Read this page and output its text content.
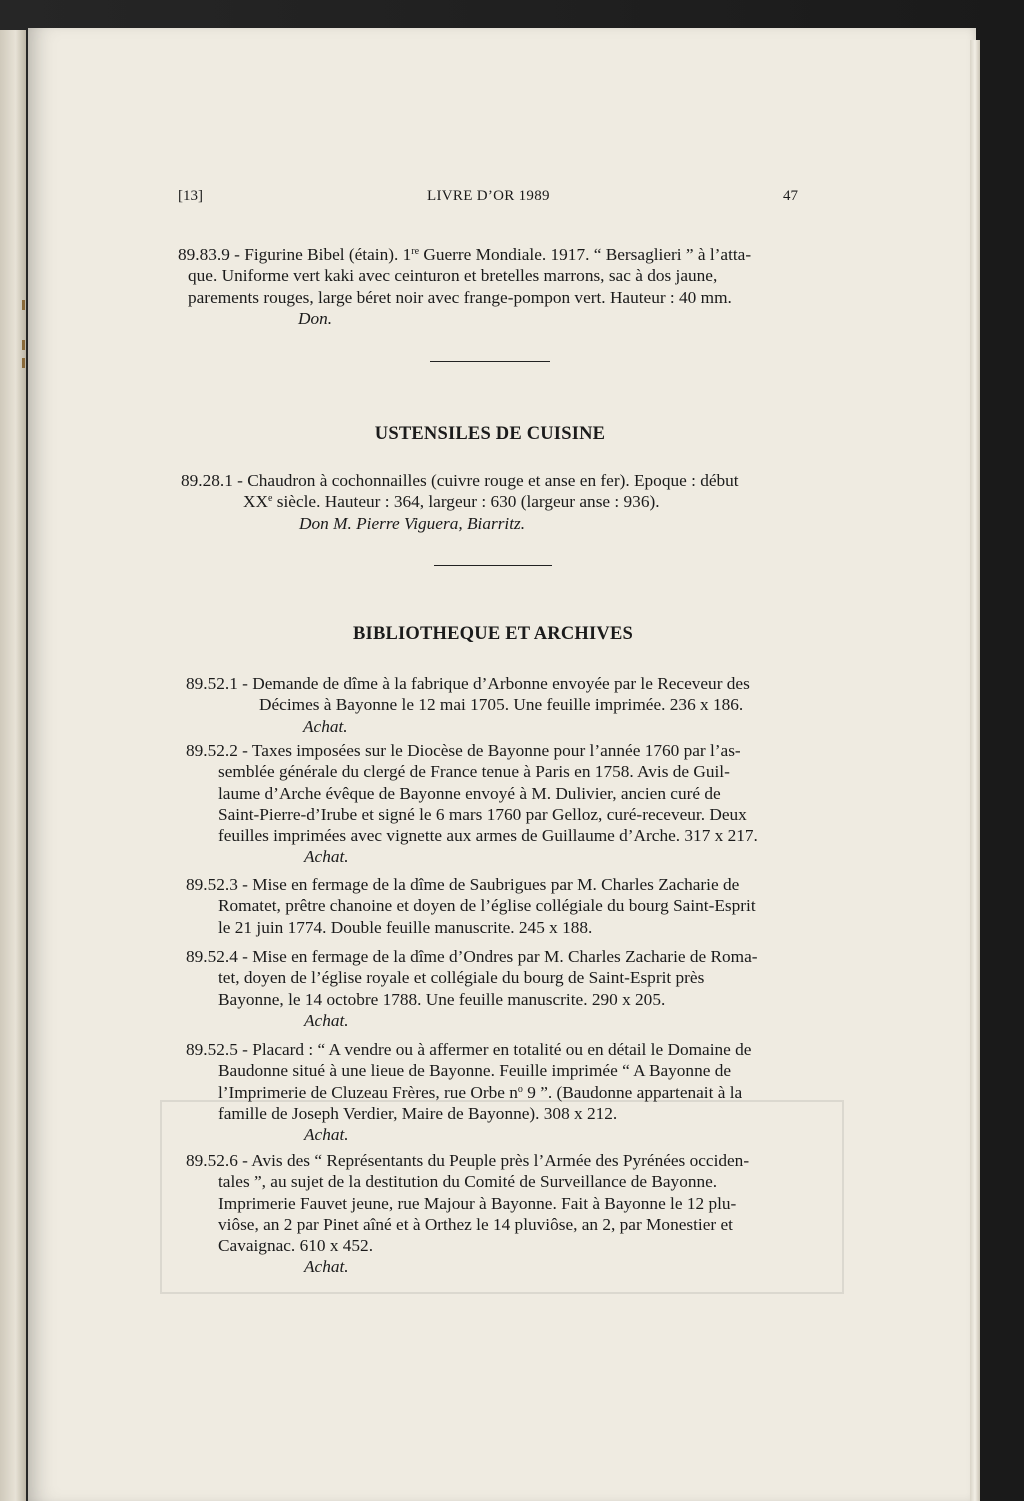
[13]	LIVRE D’OR 1989	47
89.83.9 - Figurine Bibel (étain). 1re Guerre Mondiale. 1917. “ Bersaglieri ” à l’atta-
que. Uniforme vert kaki avec ceinturon et bretelles marrons, sac à dos jaune,
parements rouges, large béret noir avec frange-pompon vert. Hauteur : 40 mm.
Don.
USTENSILES DE CUISINE
89.28.1 - Chaudron à cochonnailles (cuivre rouge et anse en fer). Epoque : début
XXe siècle. Hauteur : 364, largeur : 630 (largeur anse : 936).
Don M. Pierre Viguera, Biarritz.
BIBLIOTHEQUE ET ARCHIVES
89.52.1 - Demande de dîme à la fabrique d’Arbonne envoyée par le Receveur des
Décimes à Bayonne le 12 mai 1705. Une feuille imprimée. 236 x 186.
Achat.
89.52.2 - Taxes imposées sur le Diocèse de Bayonne pour l’année 1760 par l’as-
semblée générale du clergé de France tenue à Paris en 1758. Avis de Guil-
laume d’Arche évêque de Bayonne envoyé à M. Dulivier, ancien curé de
Saint-Pierre-d’Irube et signé le 6 mars 1760 par Gelloz, curé-receveur. Deux
feuilles imprimées avec vignette aux armes de Guillaume d’Arche. 317 x 217.
Achat.
89.52.3 - Mise en fermage de la dîme de Saubrigues par M. Charles Zacharie de
Romatet, prêtre chanoine et doyen de l’église collégiale du bourg Saint-Esprit
le 21 juin 1774. Double feuille manuscrite. 245 x 188.
89.52.4 - Mise en fermage de la dîme d’Ondres par M. Charles Zacharie de Roma-
tet, doyen de l’église royale et collégiale du bourg de Saint-Esprit près
Bayonne, le 14 octobre 1788. Une feuille manuscrite. 290 x 205.
Achat.
89.52.5 - Placard : “ A vendre ou à affermer en totalité ou en détail le Domaine de
Baudonne situé à une lieue de Bayonne. Feuille imprimée “ A Bayonne de
l’Imprimerie de Cluzeau Frères, rue Orbe $n^o$ 9 ”. (Baudonne appartenait à la
famille de Joseph Verdier, Maire de Bayonne). 308 x 212.
Achat.
89.52.6 - Avis des “ Représentants du Peuple près l’Armée des Pyrénées occiden-
tales ”, au sujet de la destitution du Comité de Surveillance de Bayonne.
Imprimerie Fauvet jeune, rue Majour à Bayonne. Fait à Bayonne le 12 plu-
viôse, an 2 par Pinet aîné et à Orthez le 14 pluviôse, an 2, par Monestier et
Cavaignac. 610 x 452.
Achat.
